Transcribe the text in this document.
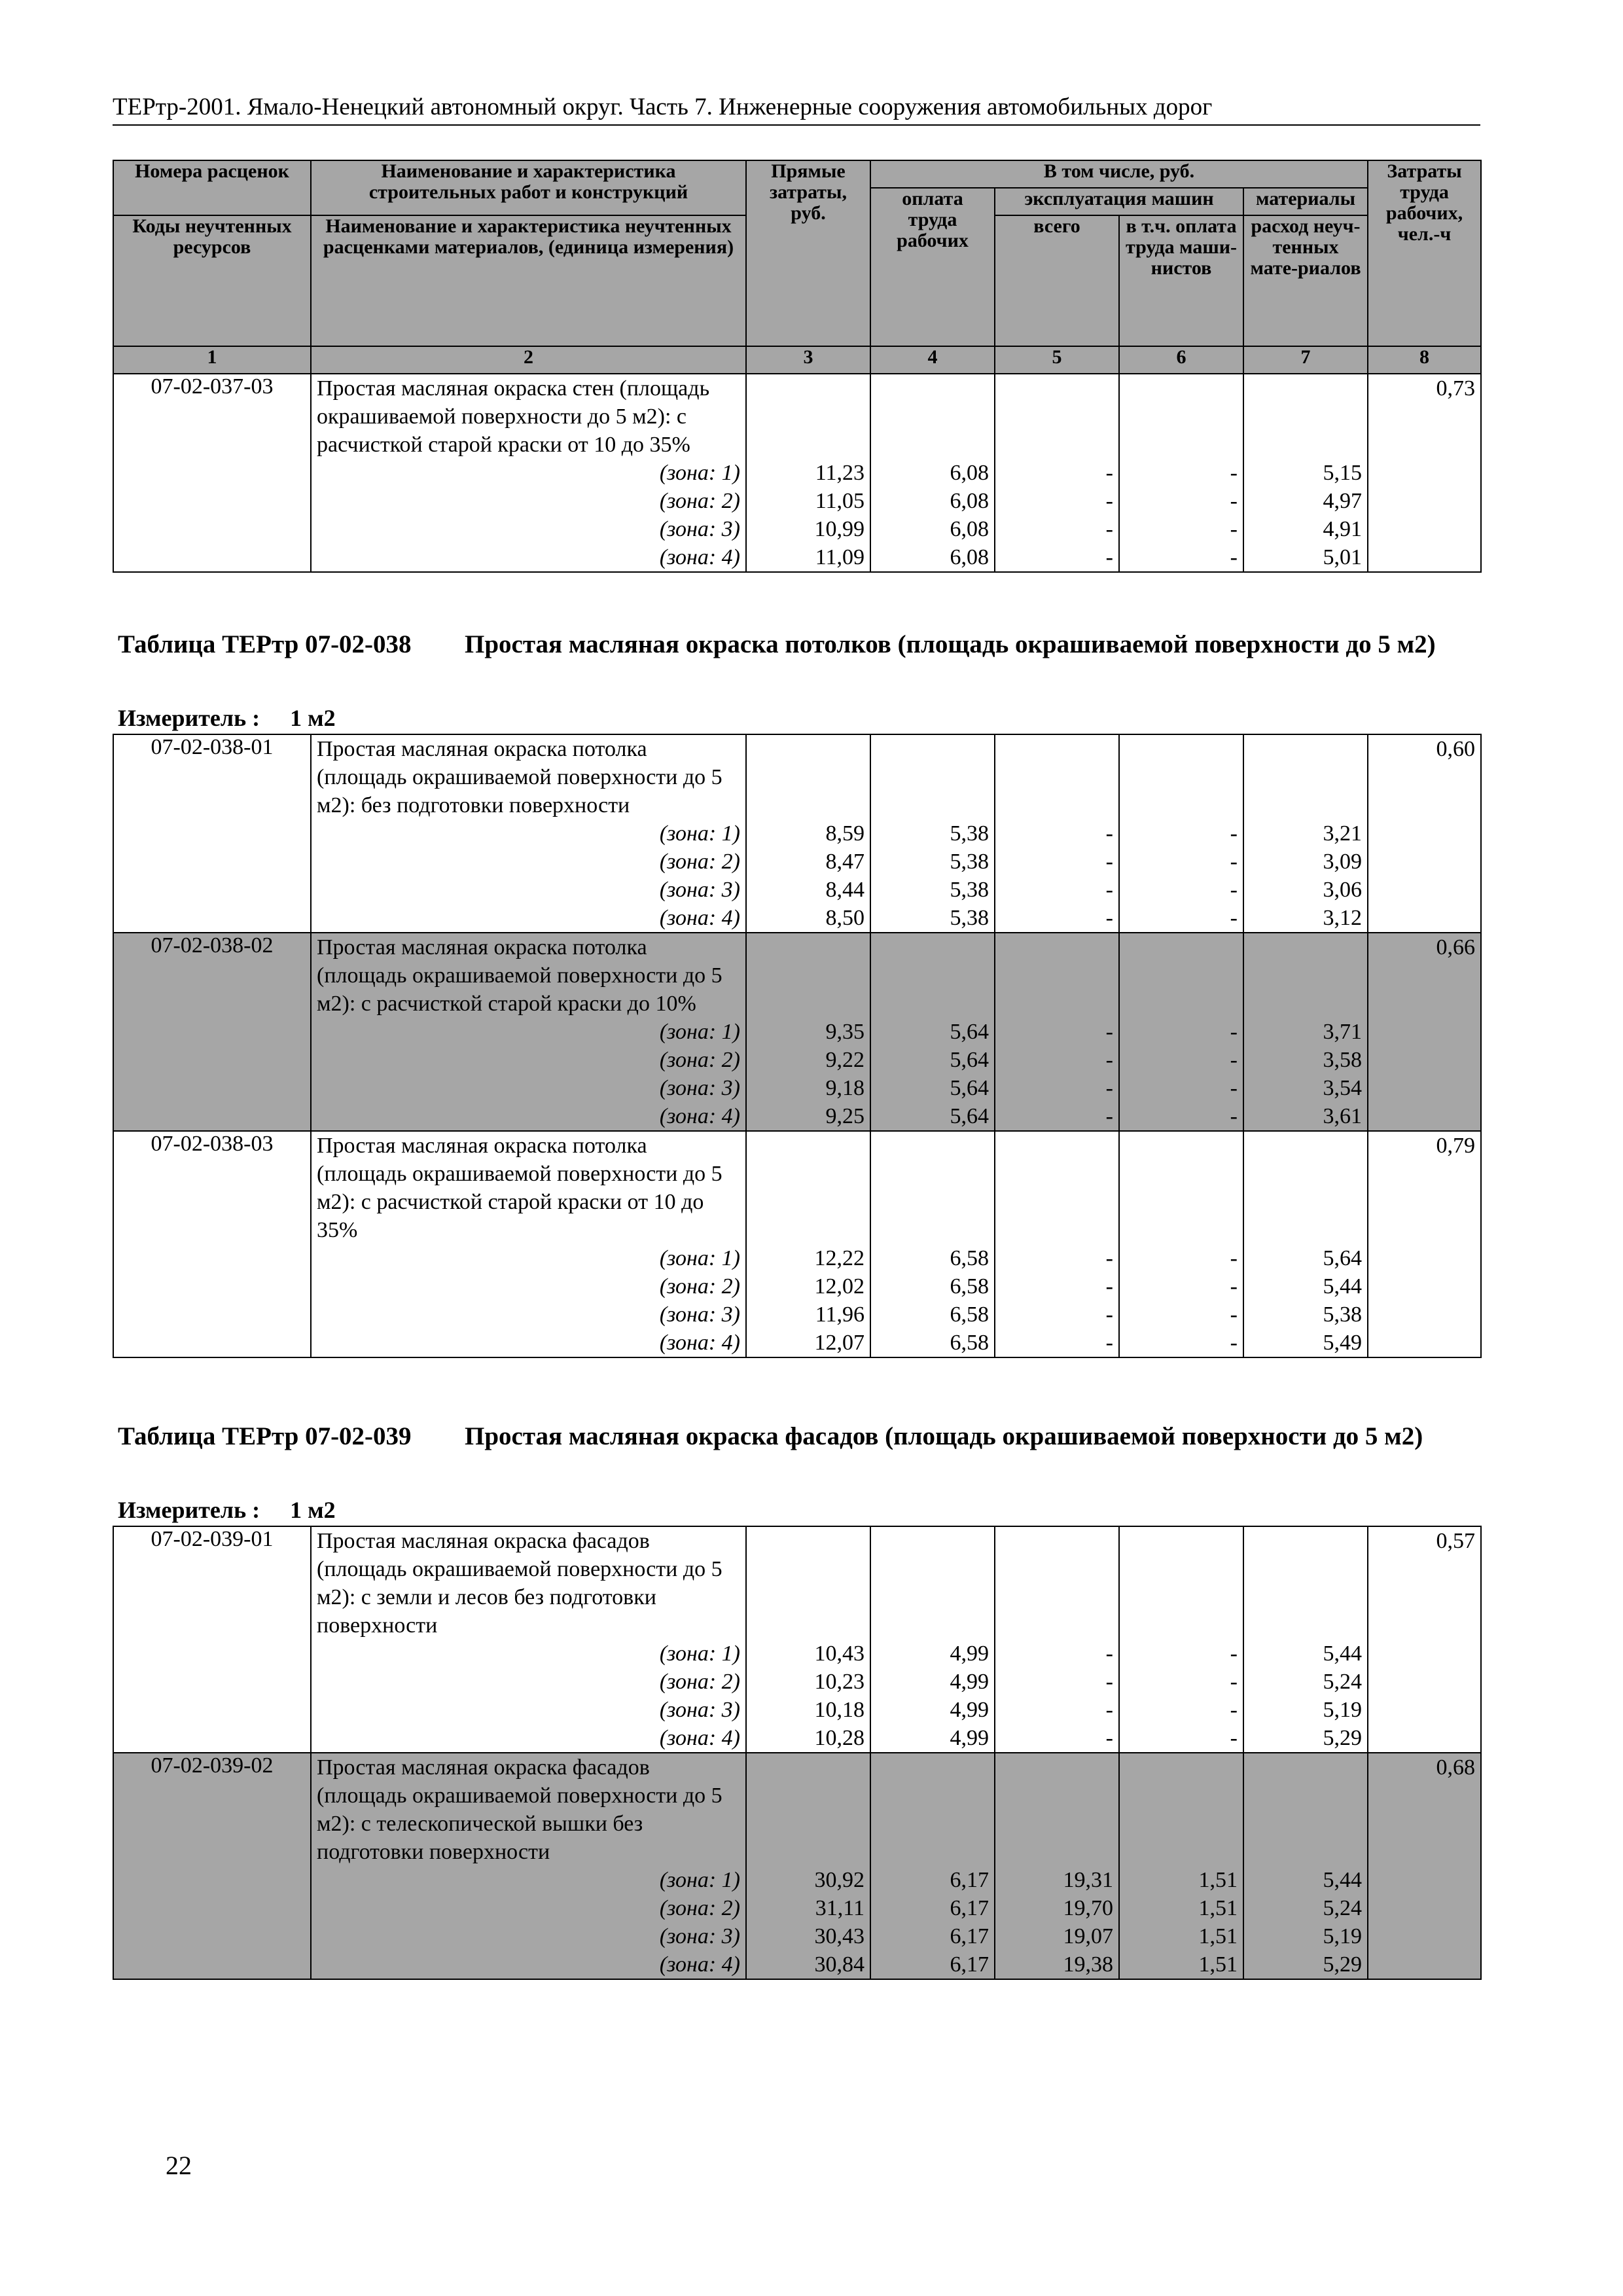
ТЕРтр-2001. Ямало-Ненецкий автономный округ. Часть 7. Инженерные сооружения автомобильных дорог
Номера расценок	Наименование и характеристика строительных работ и конструкций	Прямые затраты, руб.	В том числе, руб.				Затраты труда рабочих, чел.-ч
			оплата труда рабочих	эксплуатация машин		материалы	
Коды неучтенных ресурсов	Наименование и характеристика неучтенных расценками материалов, (единица измерения)			всего	в т.ч. оплата труда маши-нистов	расход неуч-тенных мате-риалов	

1	2	3	4	5	6	7	8
07-02-037-03	Простая масляная окраска стен (площадь окрашиваемой поверхности до 5 м2): с расчисткой старой краски от 10 до 35%						0,73
	(зона: 1)	11,23	6,08	-	-	5,15	
	(зона: 2)	11,05	6,08	-	-	4,97	
	(зона: 3)	10,99	6,08	-	-	4,91	
	(зона: 4)	11,09	6,08	-	-	5,01	
Таблица ТЕРтр 07-02-038 Простая масляная окраска потолков (площадь окрашиваемой поверхности до 5 м2)
Измеритель : 1 м2
07-02-038-01	Простая масляная окраска потолка (площадь окрашиваемой поверхности до 5 м2): без подготовки поверхности						0,60
	(зона: 1)	8,59	5,38	-	-	3,21	
	(зона: 2)	8,47	5,38	-	-	3,09	
	(зона: 3)	8,44	5,38	-	-	3,06	
	(зона: 4)	8,50	5,38	-	-	3,12	
07-02-038-02	Простая масляная окраска потолка (площадь окрашиваемой поверхности до 5 м2): с расчисткой старой краски до 10%						0,66
	(зона: 1)	9,35	5,64	-	-	3,71	
	(зона: 2)	9,22	5,64	-	-	3,58	
	(зона: 3)	9,18	5,64	-	-	3,54	
	(зона: 4)	9,25	5,64	-	-	3,61	
07-02-038-03	Простая масляная окраска потолка (площадь окрашиваемой поверхности до 5 м2): с расчисткой старой краски от 10 до 35%						0,79
	(зона: 1)	12,22	6,58	-	-	5,64	
	(зона: 2)	12,02	6,58	-	-	5,44	
	(зона: 3)	11,96	6,58	-	-	5,38	
	(зона: 4)	12,07	6,58	-	-	5,49	
Таблица ТЕРтр 07-02-039 Простая масляная окраска фасадов (площадь окрашиваемой поверхности до 5 м2)
Измеритель : 1 м2
07-02-039-01	Простая масляная окраска фасадов (площадь окрашиваемой поверхности до 5 м2): с земли и лесов без подготовки поверхности						0,57
	(зона: 1)	10,43	4,99	-	-	5,44	
	(зона: 2)	10,23	4,99	-	-	5,24	
	(зона: 3)	10,18	4,99	-	-	5,19	
	(зона: 4)	10,28	4,99	-	-	5,29	
07-02-039-02	Простая масляная окраска фасадов (площадь окрашиваемой поверхности до 5 м2): с телескопической вышки без подготовки поверхности						0,68
	(зона: 1)	30,92	6,17	19,31	1,51	5,44	
	(зона: 2)	31,11	6,17	19,70	1,51	5,24	
	(зона: 3)	30,43	6,17	19,07	1,51	5,19	
	(зона: 4)	30,84	6,17	19,38	1,51	5,29	
22
